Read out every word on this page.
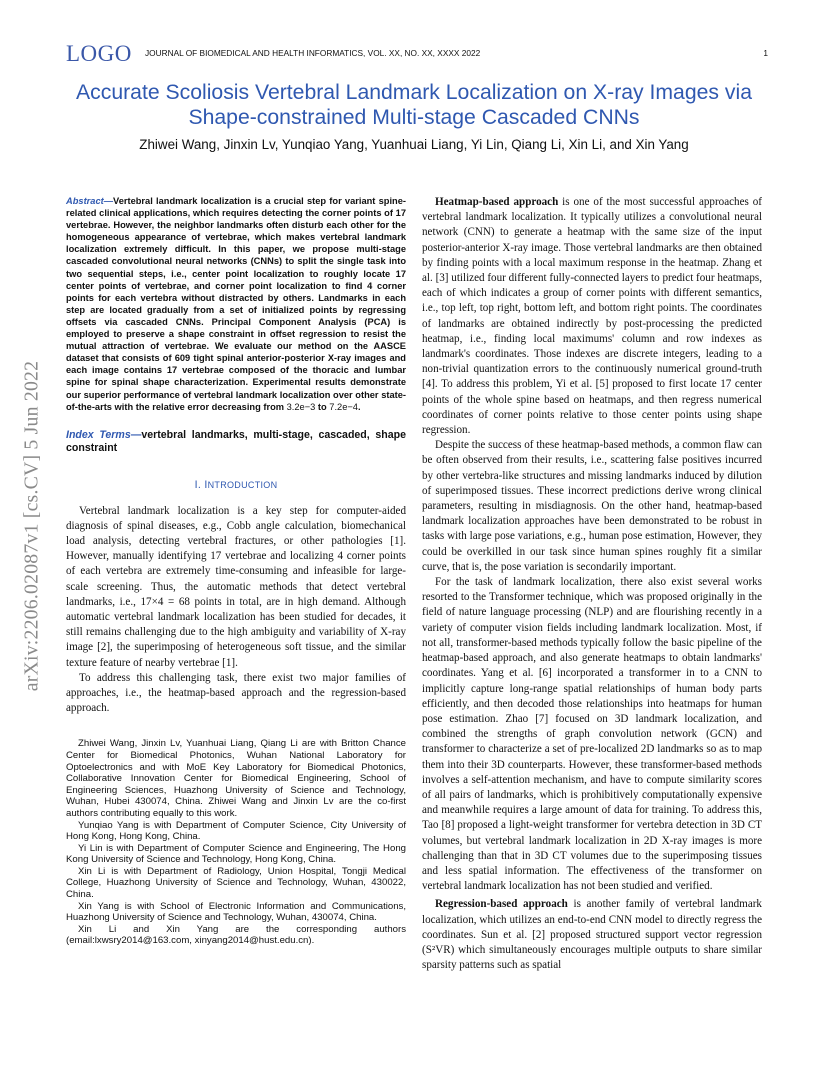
LOGO JOURNAL OF BIOMEDICAL AND HEALTH INFORMATICS, VOL. XX, NO. XX, XXXX 2022	1
Accurate Scoliosis Vertebral Landmark Localization on X-ray Images via Shape-constrained Multi-stage Cascaded CNNs
Zhiwei Wang, Jinxin Lv, Yunqiao Yang, Yuanhuai Liang, Yi Lin, Qiang Li, Xin Li, and Xin Yang
arXiv:2206.02087v1 [cs.CV] 5 Jun 2022

Abstract—Vertebral landmark localization is a crucial step for variant spine-related clinical applications, which requires detecting the corner points of 17 vertebrae. However, the neighbor landmarks often disturb each other for the homogeneous appearance of vertebrae, which makes vertebral landmark localization extremely difficult. In this paper, we propose multi-stage cascaded convolutional neural networks (CNNs) to split the single task into two sequential steps, i.e., center point localization to roughly locate 17 center points of vertebrae, and corner point localization to find 4 corner points for each vertebra without distracted by others. Landmarks in each step are located gradually from a set of initialized points by regressing offsets via cascaded CNNs. Principal Component Analysis (PCA) is employed to preserve a shape constraint in offset regression to resist the mutual attraction of vertebrae. We evaluate our method on the AASCE dataset that consists of 609 tight spinal anterior-posterior X-ray images and each image contains 17 vertebrae composed of the thoracic and lumbar spine for spinal shape characterization. Experimental results demonstrate our superior performance of vertebral landmark localization over other state-of-the-arts with the relative error decreasing from 3.2e−3 to 7.2e−4.

Index Terms—vertebral landmarks, multi-stage, cascaded, shape constraint

I. INTRODUCTION

Vertebral landmark localization is a key step for computer-aided diagnosis of spinal diseases, e.g., Cobb angle calculation, biomechanical load analysis, detecting vertebral fractures, or other pathologies [1]. However, manually identifying 17 vertebrae and localizing 4 corner points of each vertebra are extremely time-consuming and infeasible for large-scale screening. Thus, the automatic methods that detect vertebral landmarks, i.e., 17×4 = 68 points in total, are in high demand. Although automatic vertebral landmark localization has been studied for decades, it still remains challenging due to the high ambiguity and variability of X-ray image [2], the superimposing of heterogeneous soft tissue, and the similar texture feature of nearby vertebrae [1].

To address this challenging task, there exist two major families of approaches, i.e., the heatmap-based approach and the regression-based approach.

Zhiwei Wang, Jinxin Lv, Yuanhuai Liang, Qiang Li are with Britton Chance Center for Biomedical Photonics, Wuhan National Laboratory for Optoelectronics and with MoE Key Laboratory for Biomedical Photonics, Collaborative Innovation Center for Biomedical Engineering, School of Engineering Sciences, Huazhong University of Science and Technology, Wuhan, Hubei 430074, China. Zhiwei Wang and Jinxin Lv are the co-first authors contributing equally to this work.

Yunqiao Yang is with Department of Computer Science, City University of Hong Kong, Hong Kong, China.

Yi Lin is with Department of Computer Science and Engineering, The Hong Kong University of Science and Technology, Hong Kong, China.

Xin Li is with Department of Radiology, Union Hospital, Tongji Medical College, Huazhong University of Science and Technology, Wuhan, 430022, China.

Xin Yang is with School of Electronic Information and Communications, Huazhong University of Science and Technology, Wuhan, 430074, China.

Xin Li and Xin Yang are the corresponding authors (email:lxwsry2014@163.com, xinyang2014@hust.edu.cn).

Heatmap-based approach is one of the most successful approaches of vertebral landmark localization. It typically utilizes a convolutional neural network (CNN) to generate a heatmap with the same size of the input posterior-anterior X-ray image. Those vertebral landmarks are then obtained by finding points with a local maximum response in the heatmap. Zhang et al. [3] utilized four different fully-connected layers to predict four heatmaps, each of which indicates a group of corner points with different semantics, i.e., top left, top right, bottom left, and bottom right points. The coordinates of landmarks are obtained indirectly by post-processing the predicted heatmap, i.e., finding local maximums' column and row indexes as landmark's coordinates. Those indexes are discrete integers, leading to a non-trivial quantization errors to the continuously numerical ground-truth [4]. To address this problem, Yi et al. [5] proposed to first locate 17 center points of the whole spine based on heatmaps, and then regress numerical coordinates of corner points relative to those center points using shape regression.

Despite the success of these heatmap-based methods, a common flaw can be often observed from their results, i.e., scattering false positives incurred by other vertebra-like structures and missing landmarks induced by dilution of superimposed tissues. These incorrect predictions derive wrong clinical parameters, resulting in misdiagnosis. On the other hand, heatmap-based landmark localization approaches have been demonstrated to be robust in tasks with large pose variations, e.g., human pose estimation, However, they could be overkilled in our task since human spines roughly fit a similar curve, that is, the pose variation is secondarily important.

For the task of landmark localization, there also exist several works resorted to the Transformer technique, which was proposed originally in the field of nature language processing (NLP) and are flourishing recently in a variety of computer vision fields including landmark localization. Most, if not all, transformer-based methods typically follow the basic pipeline of the heatmap-based approach, and also generate heatmaps to obtain landmarks' coordinates. Yang et al. [6] incorporated a transformer in to a CNN to implicitly capture long-range spatial relationships of human body parts efficiently, and then decoded those relationships into heatmaps for human pose estimation. Zhao [7] focused on 3D landmark localization, and combined the strengths of graph convolution network (GCN) and transformer to characterize a set of pre-localized 2D landmarks so as to map them into their 3D counterparts. However, these transformer-based methods involves a self-attention mechanism, and have to compute similarity scores of all pairs of landmarks, which is prohibitively computationally expensive and meanwhile requires a large amount of data for training. To address this, Tao [8] proposed a light-weight transformer for vertebra detection in 3D CT volumes, but vertebral landmark localization in 2D X-ray images is more challenging than that in 3D CT volumes due to the superimposing tissues and less spatial information. The effectiveness of the transformer on vertebral landmark localization has not been studied and verified.

Regression-based approach is another family of vertebral landmark localization, which utilizes an end-to-end CNN model to directly regress the coordinates. Sun et al. [2] proposed structured support vector regression (S²VR) which simultaneously encourages multiple outputs to share similar sparsity patterns such as spatial
